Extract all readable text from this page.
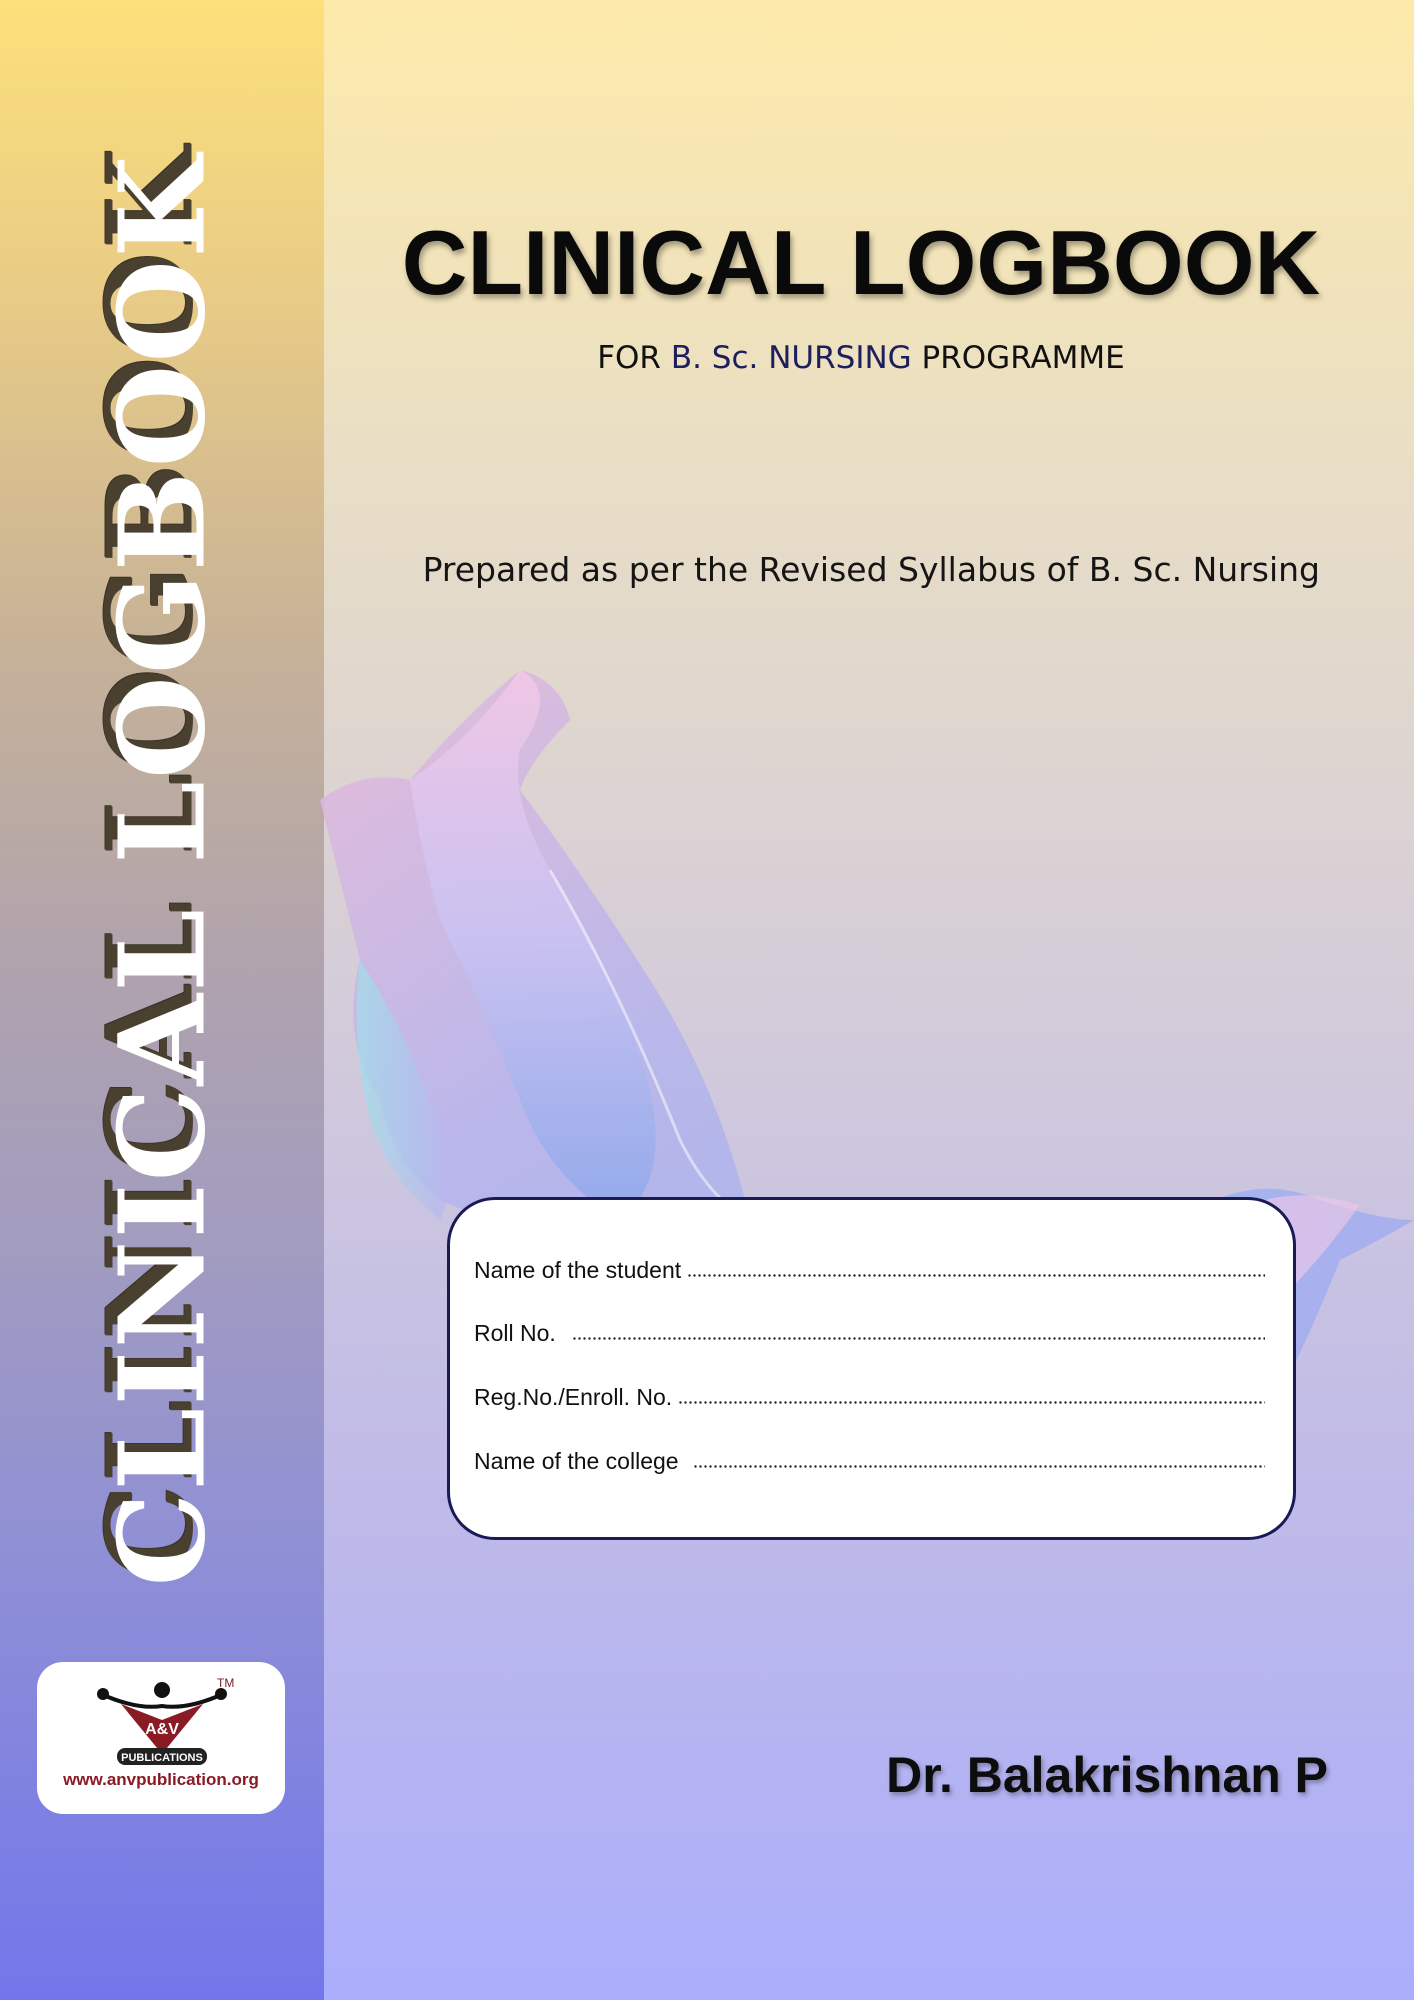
CLINICAL LOGBOOK
A&V
PUBLICATIONS
TM
www.anvpublication.org
CLINICAL LOGBOOK
FOR B. Sc. NURSING PROGRAMME
Prepared as per the Revised Syllabus of B. Sc. Nursing
Name of the student
Roll No.
Reg.No./Enroll. No.
Name of the college
Dr. Balakrishnan P
